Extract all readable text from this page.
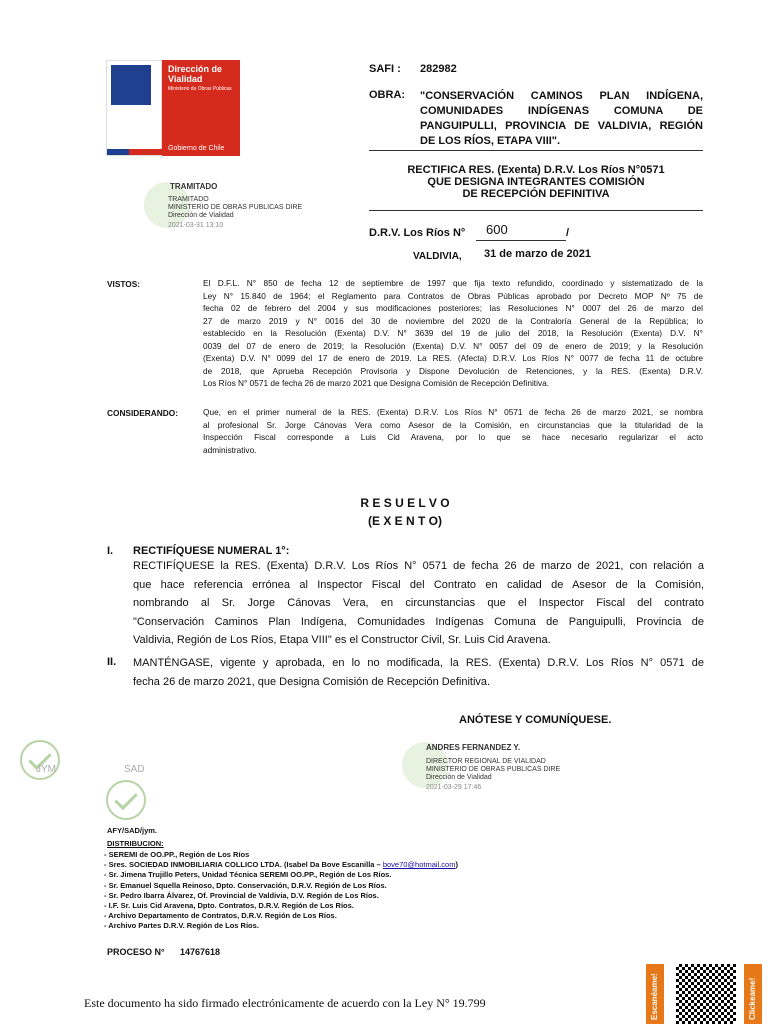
Dirección de
Vialidad
Ministerio de Obras Públicas
Gobierno de Chile
TRAMITADO
TRAMITADO
MINISTERIO DE OBRAS PUBLICAS DIRE
Dirección de Vialidad
2021-03-31 13:10
SAFI : 282982
OBRA: "CONSERVACIÓN CAMINOS PLAN INDÍGENA,
COMUNIDADES INDÍGENAS COMUNA DE
PANGUIPULLI, PROVINCIA DE VALDIVIA, REGIÓN
DE LOS RÍOS, ETAPA VIII".
RECTIFICA RES. (Exenta) D.R.V. Los Ríos N°0571
QUE DESIGNA INTEGRANTES COMISIÓN
DE RECEPCIÓN DEFINITIVA
D.R.V. Los Ríos N° 600	/
VALDIVIA, 31 de marzo de 2021
VISTOS:	El D.F.L. N° 850 de fecha 12 de septiembre de 1997 que fija texto refundido, coordinado y sistematizado de la
Ley N° 15.840 de 1964; el Reglamento para Contratos de Obras Públicas aprobado por Decreto MOP Nº 75 de
fecha 02 de febrero del 2004 y sus modificaciones posteriores; las Resoluciones N° 0007 del 26 de marzo del
27 de marzo 2019 y N° 0016 del 30 de noviembre del 2020 de la Contraloría General de la República; lo
establecido en la Resolución (Exenta) D.V. N° 3639 del 19 de julio del 2018, la Resolución (Exenta) D.V. N°
0039 del 07 de enero de 2019; la Resolución (Exenta) D.V. N° 0057 del 09 de enero de 2019; y la Resolución
(Exenta) D.V. N° 0099 del 17 de enero de 2019. La RES. (Afecta) D.R.V. Los Ríos N° 0077 de fecha 11 de octubre
de 2018, que Aprueba Recepción Provisoria y Dispone Devolución de Retenciones, y la RES. (Exenta) D.R.V.
Los Ríos N° 0571 de fecha 26 de marzo 2021 que Designa Comisión de Recepción Definitiva.
CONSIDERANDO:	Que, en el primer numeral de la RES. (Exenta) D.R.V. Los Ríos N° 0571 de fecha 26 de marzo 2021, se nombra
al profesional Sr. Jorge Cánovas Vera como Asesor de la Comisión, en circunstancias que la titularidad de la
Inspección Fiscal corresponde a Luis Cid Aravena, por lo que se hace necesario regularizar el acto
administrativo.
R E S U E L V O
(E X E N T O)
I. RECTIFÍQUESE NUMERAL 1°:
RECTIFÍQUESE la RES. (Exenta) D.R.V. Los Ríos N° 0571 de fecha 26 de marzo de 2021, con relación a
que hace referencia errónea al Inspector Fiscal del Contrato en calidad de Asesor de la Comisión,
nombrando al Sr. Jorge Cánovas Vera, en circunstancias que el Inspector Fiscal del contrato
"Conservación Caminos Plan Indígena, Comunidades Indígenas Comuna de Panguipulli, Provincia de
Valdivia, Región de Los Ríos, Etapa VIII" es el Constructor Civil, Sr. Luis Cid Aravena.
II. MANTÉNGASE, vigente y aprobada, en lo no modificada, la RES. (Exenta) D.R.V. Los Ríos N° 0571 de
fecha 26 de marzo 2021, que Designa Comisión de Recepción Definitiva.
ANÓTESE Y COMUNÍQUESE.
ANDRES FERNANDEZ Y.
DIRECTOR REGIONAL DE VIALIDAD
MINISTERIO DE OBRAS PUBLICAS DIRE
Dirección de Vialidad
2021-03-29 17:46
JYM	SAD
AFY/SAD/jym.
DISTRIBUCION:
- SEREMI de OO.PP., Región de Los Ríos
- Sres. SOCIEDAD INMOBILIARIA COLLICO LTDA. (Isabel Da Bove Escanilla – bove70@hotmail.com)
- Sr. Jimena Trujillo Peters, Unidad Técnica SEREMI OO.PP., Región de Los Ríos.
- Sr. Emanuel Squella Reinoso, Dpto. Conservación, D.R.V. Región de Los Ríos.
- Sr. Pedro Ibarra Álvarez, Of. Provincial de Valdivia, D.V. Región de Los Ríos.
- I.F. Sr. Luis Cid Aravena, Dpto. Contratos, D.R.V. Región de Los Ríos.
- Archivo Departamento de Contratos, D.R.V. Región de Los Ríos.
- Archivo Partes D.R.V. Región de Los Ríos.
PROCESO N° 14767618
Este documento ha sido firmado electrónicamente de acuerdo con la Ley N° 19.799	Escanéame!	Clickeame!
